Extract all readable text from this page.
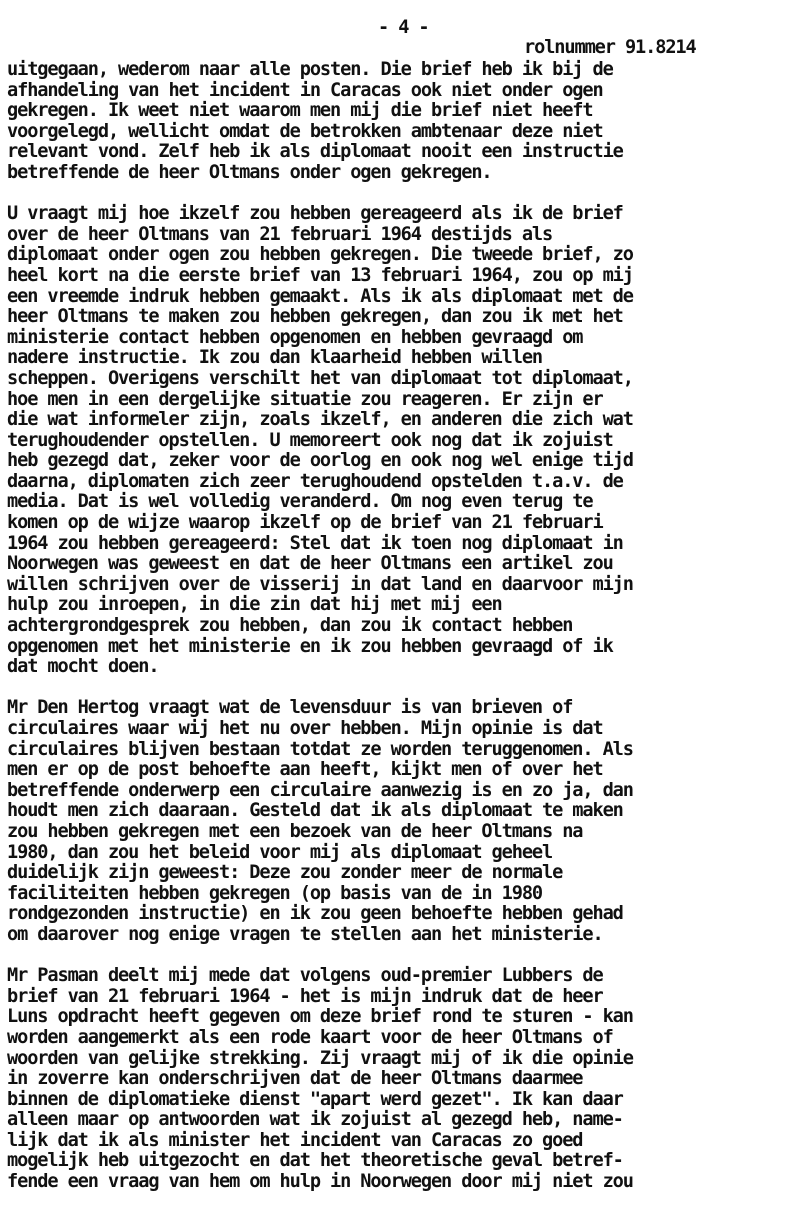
- 4 -

rolnummer 91.8214

uitgegaan, wederom naar alle posten. Die brief heb ik bij de
afhandeling van het incident in Caracas ook niet onder ogen
gekregen. Ik weet niet waarom men mij die brief niet heeft
voorgelegd, wellicht omdat de betrokken ambtenaar deze niet
relevant vond. Zelf heb ik als diplomaat nooit een instructie
betreffende de heer Oltmans onder ogen gekregen.
U vraagt mij hoe ikzelf zou hebben gereageerd als ik de brief
over de heer Oltmans van 21 februari 1964 destijds als
diplomaat onder ogen zou hebben gekregen. Die tweede brief, zo
heel kort na die eerste brief van 13 februari 1964, zou op mij
een vreemde indruk hebben gemaakt. Als ik als diplomaat met de
heer Oltmans te maken zou hebben gekregen, dan zou ik met het
ministerie contact hebben opgenomen en hebben gevraagd om
nadere instructie. Ik zou dan klaarheid hebben willen
scheppen. Overigens verschilt het van diplomaat tot diplomaat,
hoe men in een dergelijke situatie zou reageren. Er zijn er
die wat informeler zijn, zoals ikzelf, en anderen die zich wat
terughoudender opstellen. U memoreert ook nog dat ik zojuist
heb gezegd dat, zeker voor de oorlog en ook nog wel enige tijd
daarna, diplomaten zich zeer terughoudend opstelden t.a.v. de
media. Dat is wel volledig veranderd. Om nog even terug te
komen op de wijze waarop ikzelf op de brief van 21 februari
1964 zou hebben gereageerd: Stel dat ik toen nog diplomaat in
Noorwegen was geweest en dat de heer Oltmans een artikel zou
willen schrijven over de visserij in dat land en daarvoor mijn
hulp zou inroepen, in die zin dat hij met mij een
achtergrondgesprek zou hebben, dan zou ik contact hebben
opgenomen met het ministerie en ik zou hebben gevraagd of ik
dat mocht doen.
Mr Den Hertog vraagt wat de levensduur is van brieven of
circulaires waar wij het nu over hebben. Mijn opinie is dat
circulaires blijven bestaan totdat ze worden teruggenomen. Als
men er op de post behoefte aan heeft, kijkt men of over het
betreffende onderwerp een circulaire aanwezig is en zo ja, dan
houdt men zich daaraan. Gesteld dat ik als diplomaat te maken
zou hebben gekregen met een bezoek van de heer Oltmans na
1980, dan zou het beleid voor mij als diplomaat geheel
duidelijk zijn geweest: Deze zou zonder meer de normale
faciliteiten hebben gekregen (op basis van de in 1980
rondgezonden instructie) en ik zou geen behoefte hebben gehad
om daarover nog enige vragen te stellen aan het ministerie.
Mr Pasman deelt mij mede dat volgens oud-premier Lubbers de
brief van 21 februari 1964 - het is mijn indruk dat de heer
Luns opdracht heeft gegeven om deze brief rond te sturen - kan
worden aangemerkt als een rode kaart voor de heer Oltmans of
woorden van gelijke strekking. Zij vraagt mij of ik die opinie
in zoverre kan onderschrijven dat de heer Oltmans daarmee
binnen de diplomatieke dienst "apart werd gezet". Ik kan daar
alleen maar op antwoorden wat ik zojuist al gezegd heb, name-
lijk dat ik als minister het incident van Caracas zo goed
mogelijk heb uitgezocht en dat het theoretische geval betref-
fende een vraag van hem om hulp in Noorwegen door mij niet zou
